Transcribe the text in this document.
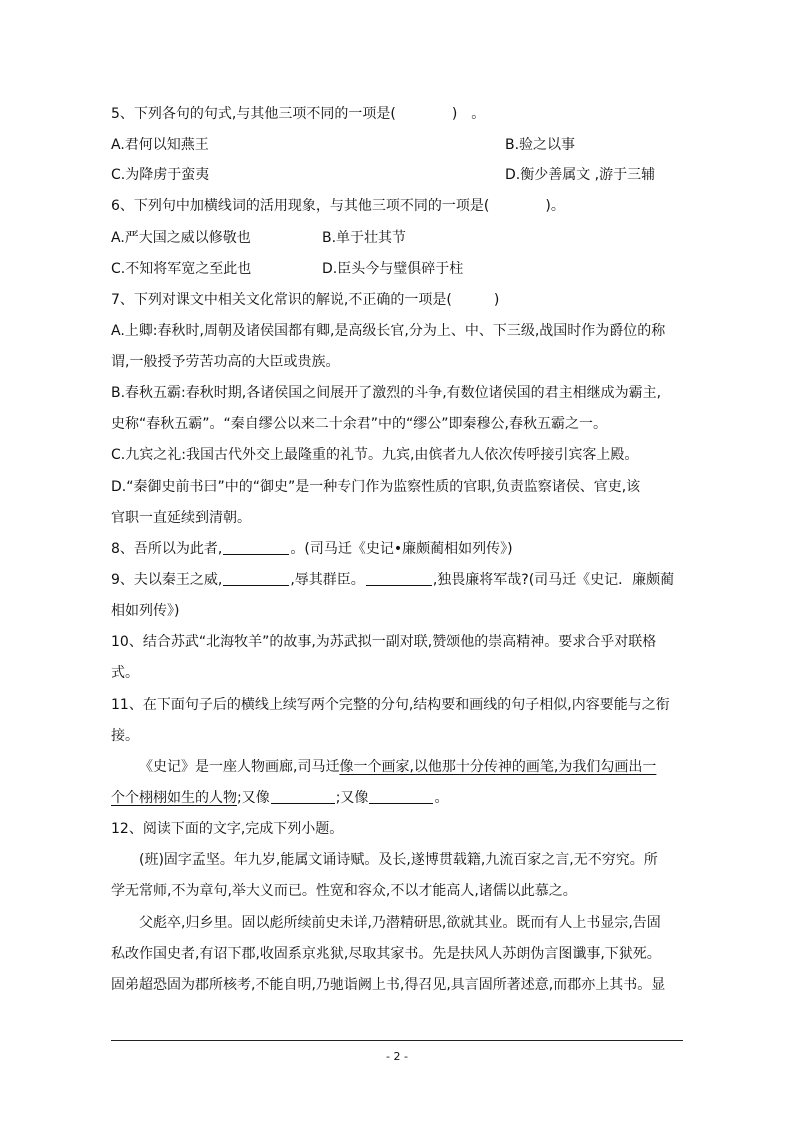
5、下列各句的句式,与其他三项不同的一项是(　　　　)　。
A.君何以知燕王	B.验之以事
C.为降虏于蛮夷	D.衡少善属文 ,游于三辅
6、下列句中加横线词的活用现象，与其他三项不同的一项是(　　　　)。
A.严大国之威以修敬也	B.单于壮其节
C.不知将军宽之至此也	D.臣头今与璧俱碎于柱
7、下列对课文中相关文化常识的解说,不正确的一项是(　　　)
A.上卿:春秋时,周朝及诸侯国都有卿,是高级长官,分为上、中、下三级,战国时作为爵位的称
谓,一般授予劳苦功高的大臣或贵族。
B.春秋五霸:春秋时期,各诸侯国之间展开了激烈的斗争,有数位诸侯国的君主相继成为霸主,
史称“春秋五霸”。“秦自缪公以来二十余君”中的“缪公”即秦穆公,春秋五霸之一。
C.九宾之礼:我国古代外交上最隆重的礼节。九宾,由傧者九人依次传呼接引宾客上殿。
D.“秦御史前书曰”中的“御史”是一种专门作为监察性质的官职,负责监察诸侯、官吏,该
官职一直延续到清朝。
8、吾所以为此者,	。(司马迁《史记•廉颇蔺相如列传》)
9、夫以秦王之威,	,辱其群臣。	,独畏廉将军哉?(司马迁《史记．廉颇蔺
相如列传》)
10、结合苏武“北海牧羊”的故事,为苏武拟一副对联,赞颂他的崇高精神。要求合乎对联格
式。
11、在下面句子后的横线上续写两个完整的分句,结构要和画线的句子相似,内容要能与之衔
接。
《史记》是一座人物画廊,司马迁像一个画家,以他那十分传神的画笔,为我们勾画出一
个个栩栩如生的人物;又像	;又像	。
12、阅读下面的文字,完成下列小题。
(班)固字孟坚。年九岁,能属文诵诗赋。及长,遂博贯载籍,九流百家之言,无不穷究。所
学无常师,不为章句,举大义而已。性宽和容众,不以才能高人,诸儒以此慕之。
父彪卒,归乡里。固以彪所续前史未详,乃潜精研思,欲就其业。既而有人上书显宗,告固
私改作国史者,有诏下郡,收固系京兆狱,尽取其家书。先是扶风人苏朗伪言图谶事,下狱死。
固弟超恐固为郡所核考,不能自明,乃驰诣阙上书,得召见,具言固所著述意,而郡亦上其书。显
- 2 -
